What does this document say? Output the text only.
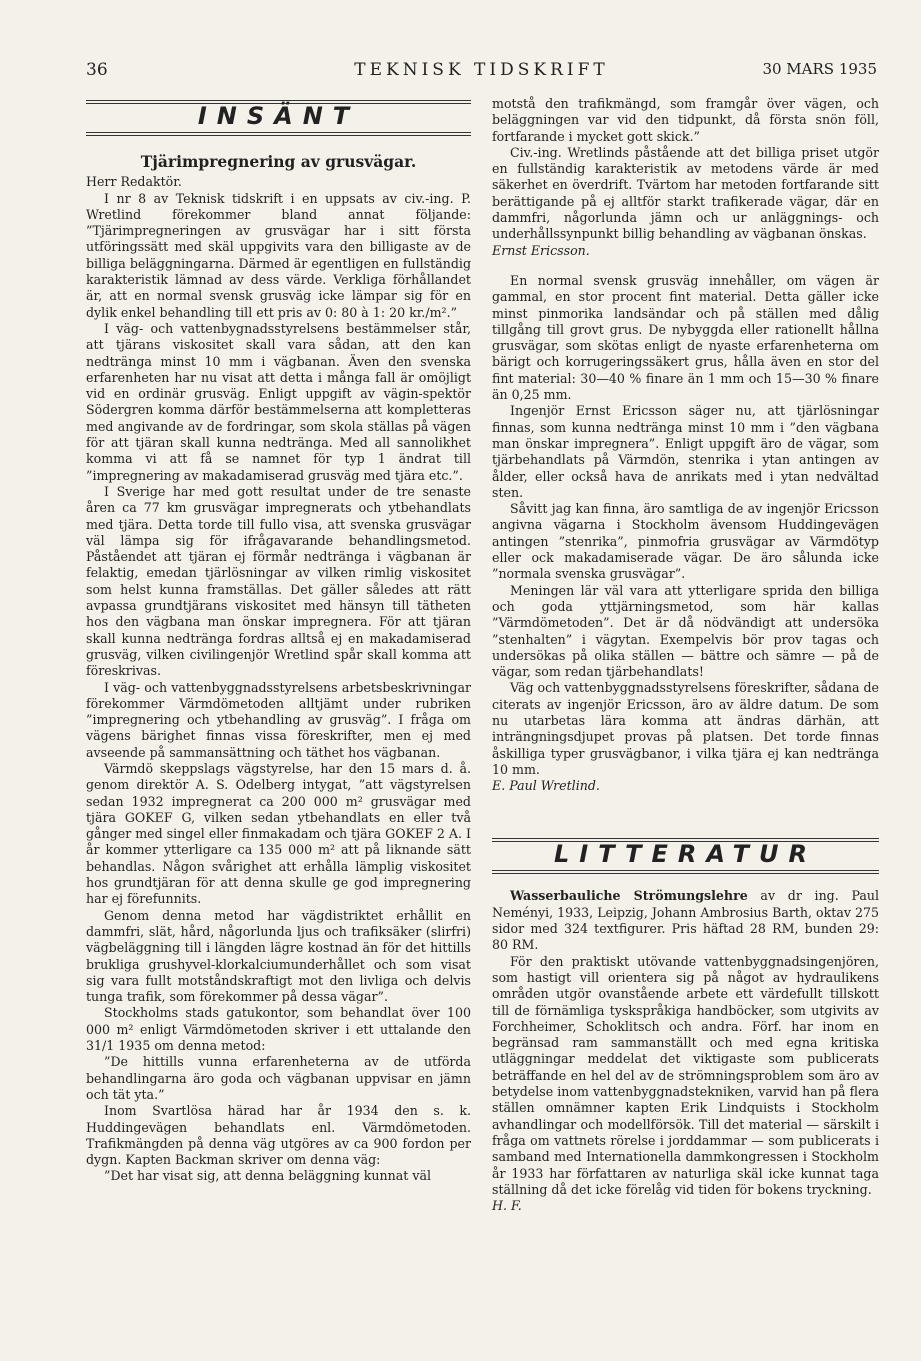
36	TEKNISK TIDSKRIFT	30 MARS 1935
INSÄNT
Tjärimpregnering av grusvägar.

Herr Redaktör.

I nr 8 av Teknisk tidskrift i en uppsats av civ.-ing. P. Wretlind förekommer bland annat följande: ”Tjärimpregneringen av grusvägar har i sitt första utföringssätt med skäl uppgivits vara den billigaste av de billiga beläggningarna. Därmed är egentligen en fullständig karakteristik lämnad av dess värde. Verkliga förhållandet är, att en normal svensk grusväg icke lämpar sig för en dylik enkel behandling till ett pris av 0: 80 à 1: 20 kr./m².”

I väg- och vattenbygnadsstyrelsens bestämmelser står, att tjärans viskositet skall vara sådan, att den kan nedtränga minst 10 mm i vägbanan. Även den svenska erfarenheten har nu visat att detta i många fall är omöjligt vid en ordinär grusväg. Enligt uppgift av vägin-spektör Södergren komma därför bestämmelserna att kompletteras med angivande av de fordringar, som skola ställas på vägen för att tjäran skall kunna nedtränga. Med all sannolikhet komma vi att få se namnet för typ 1 ändrat till ”impregnering av makadamiserad grusväg med tjära etc.”.

I Sverige har med gott resultat under de tre senaste åren ca 77 km grusvägar impregnerats och ytbehandlats med tjära. Detta torde till fullo visa, att svenska grusvägar väl lämpa sig för ifrågavarande behandlingsmetod. Påståendet att tjäran ej förmår nedtränga i vägbanan är felaktig, emedan tjärlösningar av vilken rimlig viskositet som helst kunna framställas. Det gäller således att rätt avpassa grundtjärans viskositet med hänsyn till tätheten hos den vägbana man önskar impregnera. För att tjäran skall kunna nedtränga fordras alltså ej en makadamiserad grusväg, vilken civilingenjör Wretlind spår skall komma att föreskrivas.

I väg- och vattenbyggnadsstyrelsens arbetsbeskrivningar förekommer Värmdömetoden alltjämt under rubriken ”impregnering och ytbehandling av grusväg”. I fråga om vägens bärighet finnas vissa föreskrifter, men ej med avseende på sammansättning och täthet hos vägbanan.

Värmdö skeppslags vägstyrelse, har den 15 mars d. å. genom direktör A. S. Odelberg intygat, ”att vägstyrelsen sedan 1932 impregnerat ca 200 000 m² grusvägar med tjära GOKEF G, vilken sedan ytbehandlats en eller två gånger med singel eller finmakadam och tjära GOKEF 2 A. I år kommer ytterligare ca 135 000 m² att på liknande sätt behandlas. Någon svårighet att erhålla lämplig viskositet hos grundtjäran för att denna skulle ge god impregnering har ej förefunnits.

Genom denna metod har vägdistriktet erhållit en dammfri, slät, hård, någorlunda ljus och trafiksäker (slirfri) vägbeläggning till i längden lägre kostnad än för det hittills brukliga grushyvel-klorkalciumunderhållet och som visat sig vara fullt motståndskraftigt mot den livliga och delvis tunga trafik, som förekommer på dessa vägar”.

Stockholms stads gatukontor, som behandlat över 100 000 m² enligt Värmdömetoden skriver i ett uttalande den 31/1 1935 om denna metod:

”De hittills vunna erfarenheterna av de utförda behandlingarna äro goda och vägbanan uppvisar en jämn och tät yta.”

Inom Svartlösa härad har år 1934 den s. k. Huddingevägen behandlats enl. Värmdömetoden. Trafikmängden på denna väg utgöres av ca 900 fordon per dygn. Kapten Backman skriver om denna väg:

”Det har visat sig, att denna beläggning kunnat väl

motstå den trafikmängd, som framgår över vägen, och beläggningen var vid den tidpunkt, då första snön föll, fortfarande i mycket gott skick.”

Civ.-ing. Wretlinds påstående att det billiga priset utgör en fullständig karakteristik av metodens värde är med säkerhet en överdrift. Tvärtom har metoden fortfarande sitt berättigande på ej alltför starkt trafikerade vägar, där en dammfri, någorlunda jämn och ur anläggnings- och underhållssynpunkt billig behandling av vägbanan önskas.

Ernst Ericsson.

En normal svensk grusväg innehåller, om vägen är gammal, en stor procent fint material. Detta gäller icke minst pinmorika landsändar och på ställen med dålig tillgång till grovt grus. De nybyggda eller rationellt hållna grusvägar, som skötas enligt de nyaste erfarenheterna om bärigt och korrugeringssäkert grus, hålla även en stor del fint material: 30—40 % finare än 1 mm och 15—30 % finare än 0,25 mm.

Ingenjör Ernst Ericsson säger nu, att tjärlösningar finnas, som kunna nedtränga minst 10 mm i ”den vägbana man önskar impregnera”. Enligt uppgift äro de vägar, som tjärbehandlats på Värmdön, stenrika i ytan antingen av ålder, eller också hava de anrikats med i ytan nedvältad sten.

Såvitt jag kan finna, äro samtliga de av ingenjör Ericsson angivna vägarna i Stockholm ävensom Huddingevägen antingen ”stenrika”, pinmofria grusvägar av Värmdötyp eller ock makadamiserade vägar. De äro sålunda icke ”normala svenska grusvägar”.

Meningen lär väl vara att ytterligare sprida den billiga och goda yttjärningsmetod, som här kallas ”Värmdömetoden”. Det är då nödvändigt att undersöka ”stenhalten” i vägytan. Exempelvis bör prov tagas och undersökas på olika ställen — bättre och sämre — på de vägar, som redan tjärbehandlats!

Väg och vattenbyggnadsstyrelsens föreskrifter, sådana de citerats av ingenjör Ericsson, äro av äldre datum. De som nu utarbetas lära komma att ändras därhän, att inträngningsdjupet provas på platsen. Det torde finnas åskilliga typer grusvägbanor, i vilka tjära ej kan nedtränga 10 mm.

E. Paul Wretlind.

LITTERATUR

Wasserbauliche Strömungslehre av dr ing. Paul Neményi, 1933, Leipzig, Johann Ambrosius Barth, oktav 275 sidor med 324 textfigurer. Pris häftad 28 RM, bunden 29: 80 RM.

För den praktiskt utövande vattenbyggnadsingenjören, som hastigt vill orientera sig på något av hydraulikens områden utgör ovanstående arbete ett värdefullt tillskott till de förnämliga tyskspråkiga handböcker, som utgivits av Forchheimer, Schoklitsch och andra. Förf. har inom en begränsad ram sammanställt och med egna kritiska utläggningar meddelat det viktigaste som publicerats beträffande en hel del av de strömningsproblem som äro av betydelse inom vattenbyggnadstekniken, varvid han på flera ställen omnämner kapten Erik Lindquists i Stockholm avhandlingar och modellförsök. Till det material — särskilt i fråga om vattnets rörelse i jorddammar — som publicerats i samband med Internationella dammkongressen i Stockholm år 1933 har författaren av naturliga skäl icke kunnat taga ställning då det icke förelåg vid tiden för bokens tryckning.

H. F.
